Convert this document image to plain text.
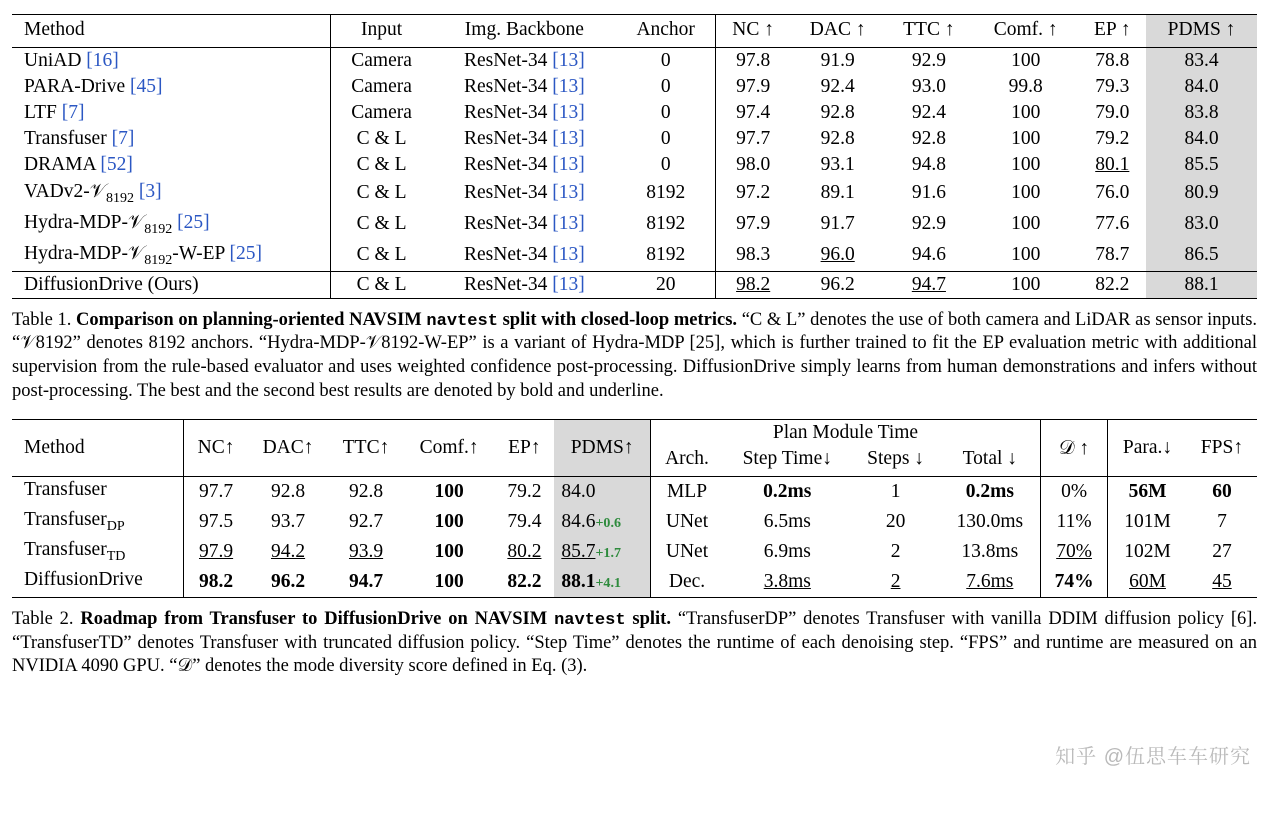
Method	Input	Img. Backbone	Anchor	NC ↑	DAC ↑	TTC ↑	Comf. ↑	EP ↑	PDMS ↑
UniAD [16]	Camera	ResNet-34 [13]	0	97.8	91.9	92.9	100	78.8	83.4
PARA-Drive [45]	Camera	ResNet-34 [13]	0	97.9	92.4	93.0	99.8	79.3	84.0
LTF [7]	Camera	ResNet-34 [13]	0	97.4	92.8	92.4	100	79.0	83.8
Transfuser [7]	C & L	ResNet-34 [13]	0	97.7	92.8	92.8	100	79.2	84.0
DRAMA [52]	C & L	ResNet-34 [13]	0	98.0	93.1	94.8	100	80.1	85.5
VADv2-𝒱$_{8192}$ [3]	C & L	ResNet-34 [13]	8192	97.2	89.1	91.6	100	76.0	80.9
Hydra-MDP-𝒱$_{8192}$ [25]	C & L	ResNet-34 [13]	8192	97.9	91.7	92.9	100	77.6	83.0
Hydra-MDP-𝒱$_{8192}$-W-EP [25]	C & L	ResNet-34 [13]	8192	98.3	96.0	94.6	100	78.7	86.5
DiffusionDrive (Ours)	C & L	ResNet-34 [13]	20	98.2	96.2	94.7	100	82.2	88.1
Table 1. Comparison on planning-oriented NAVSIM navtest split with closed-loop metrics. “C & L” denotes the use of both camera and LiDAR as sensor inputs. “𝒱8192” denotes 8192 anchors. “Hydra-MDP-𝒱8192-W-EP” is a variant of Hydra-MDP [25], which is further trained to fit the EP evaluation metric with additional supervision from the rule-based evaluator and uses weighted confidence post-processing. DiffusionDrive simply learns from human demonstrations and infers without post-processing. The best and the second best results are denoted by bold and underline.
Method	NC↑	DAC↑	TTC↑	Comf.↑	EP↑	PDMS↑	Plan Module Time				𝒟 ↑	Para.↓	FPS↑
							Arch.	Step Time↓	Steps ↓	Total ↓			
Transfuser	97.7	92.8	92.8	100	79.2	84.0	MLP	0.2ms	1	0.2ms	0%	56M	60
Transfuser$_{DP}$	97.5	93.7	92.7	100	79.4	84.6+0.6	UNet	6.5ms	20	130.0ms	11%	101M	7
Transfuser$_{TD}$	97.9	94.2	93.9	100	80.2	85.7+1.7	UNet	6.9ms	2	13.8ms	70%	102M	27
DiffusionDrive	98.2	96.2	94.7	100	82.2	88.1+4.1	Dec.	3.8ms	2	7.6ms	74%	60M	45
Table 2. Roadmap from Transfuser to DiffusionDrive on NAVSIM navtest split. “TransfuserDP” denotes Transfuser with vanilla DDIM diffusion policy [6]. “TransfuserTD” denotes Transfuser with truncated diffusion policy. “Step Time” denotes the runtime of each denoising step. “FPS” and runtime are measured on an NVIDIA 4090 GPU. “𝒟” denotes the mode diversity score defined in Eq. (3).
知乎 @伍思车车研究
